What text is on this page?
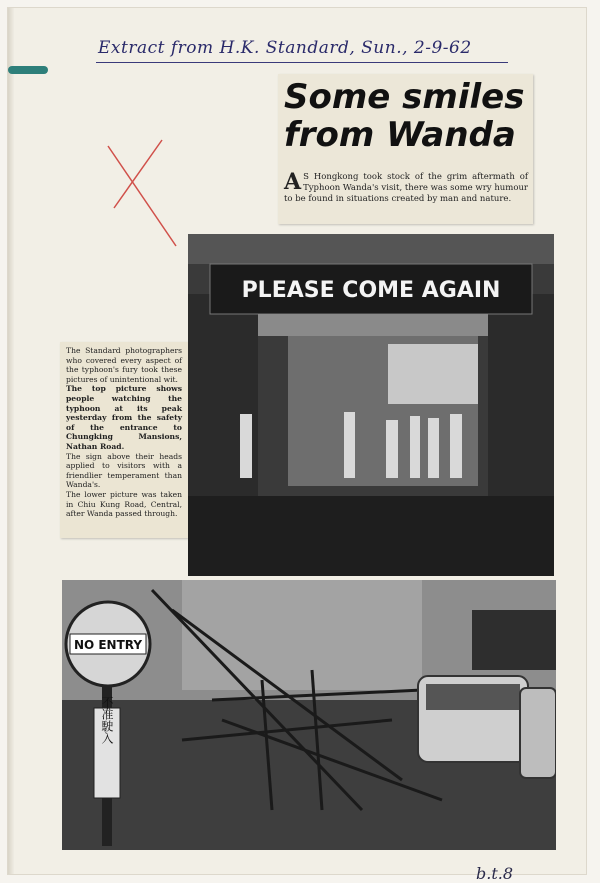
Extract from H.K. Standard, Sun., 2-9-62
Some smiles
from Wanda

A S Hongkong took stock of the grim aftermath of Typhoon Wanda's visit, there was some wry humour to be found in situations created by man and nature.

The Standard photographers who covered every aspect of the typhoon's fury took these pictures of unintentional wit.

The top picture shows people watching the typhoon at its peak yesterday from the safety of the entrance to Chungking Mansions, Nathan Road.

The sign above their heads applied to visitors with a friendlier temperament than Wanda's.

The lower picture was taken in Chiu Kung Road, Central, after Wanda passed through.

PLEASE COME AGAIN
NO ENTRY
不准駛入
b.t.8
